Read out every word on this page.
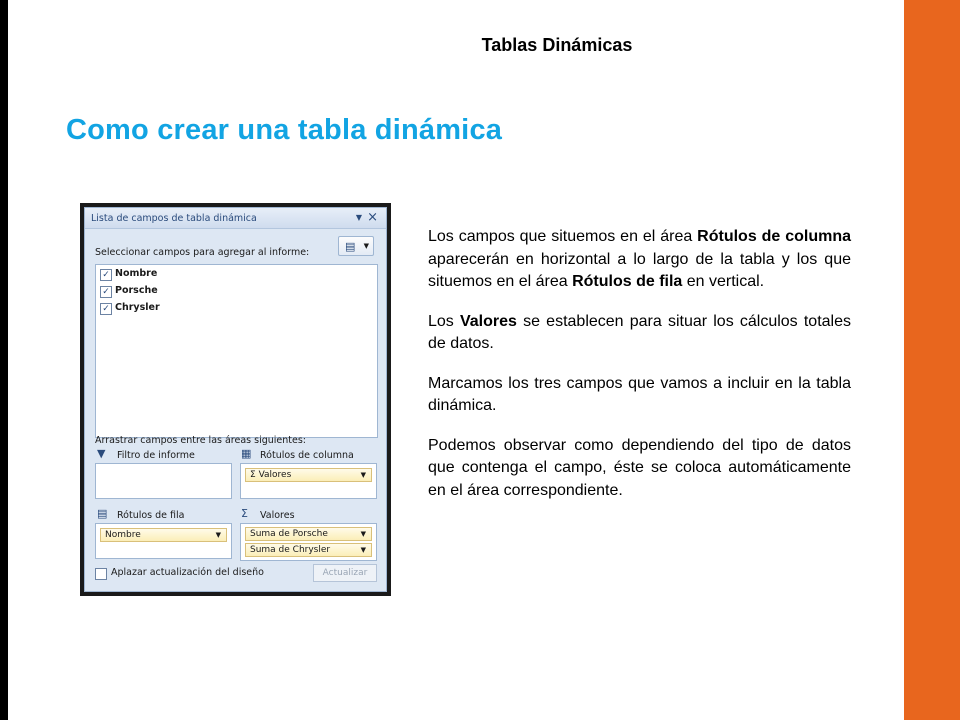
Tablas Dinámicas
Como crear una tabla dinámica
Lista de campos de tabla dinámica	▼ ×
Seleccionar campos para agregar al informe:	▤ ▼
✓ Nombre
✓ Porsche
✓ Chrysler
Arrastrar campos entre las áreas siguientes:
▼ Filtro de informe	▦ Rótulos de columna
Σ Valores	▼
▤ Rótulos de fila
Nombre	▼
Σ Valores
Suma de Porsche	▼
Suma de Chrysler	▼
Aplazar actualización del diseño	Actualizar

Los campos que situemos en el área Rótulos de columna aparecerán en horizontal a lo largo de la tabla y los que situemos en el área Rótulos de fila en vertical.

Los Valores se establecen para situar los cálculos totales de datos.

Marcamos los tres campos que vamos a incluir en la tabla dinámica.

Podemos observar como dependiendo del tipo de datos que contenga el campo, éste se coloca automáticamente en el área correspondiente.
